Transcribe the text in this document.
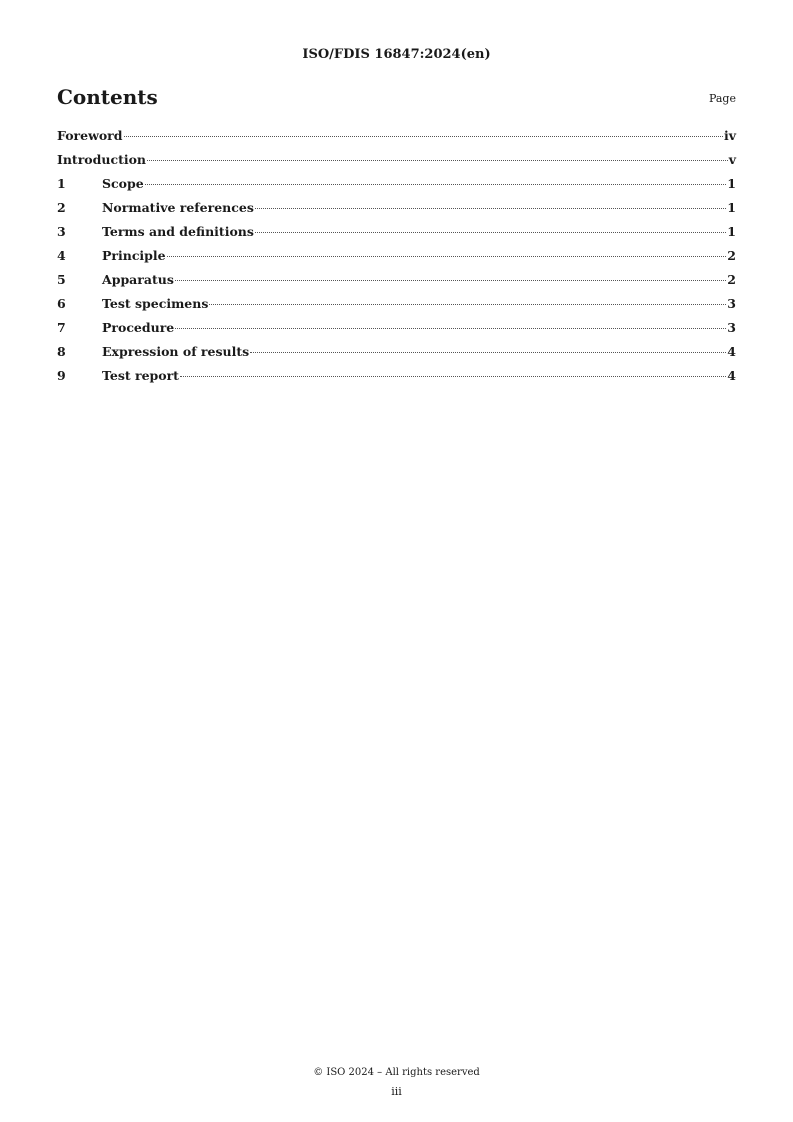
ISO/FDIS 16847:2024(en)
Contents	Page
Foreword	iv
Introduction	v
1	Scope	1
2	Normative references	1
3	Terms and definitions	1
4	Principle	2
5	Apparatus	2
6	Test specimens	3
7	Procedure	3
8	Expression of results	4
9	Test report	4
© ISO 2024 – All rights reserved
iii
